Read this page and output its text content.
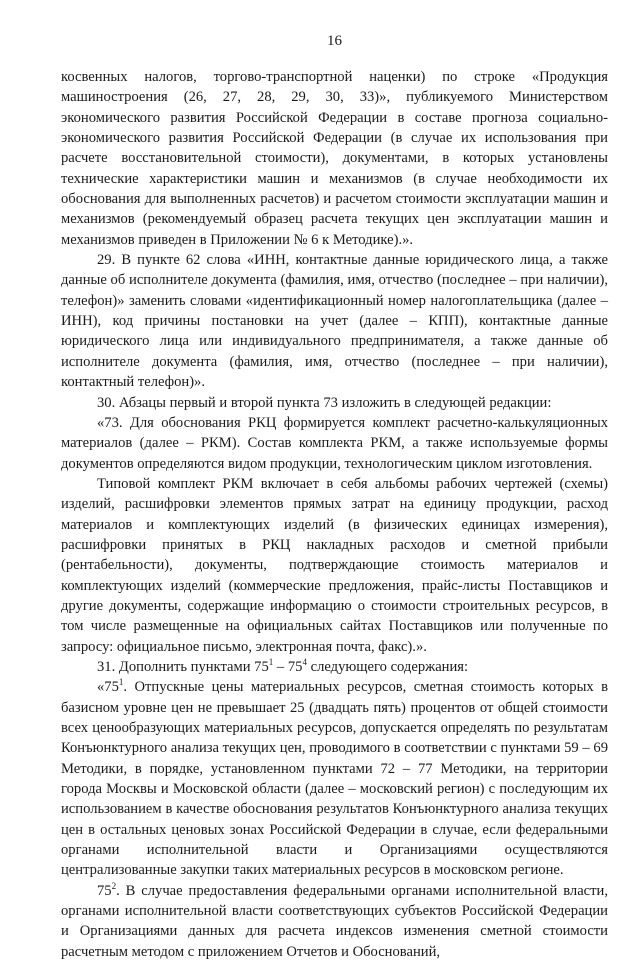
16

косвенных налогов, торгово-транспортной наценки) по строке «Продукция машиностроения (26, 27, 28, 29, 30, 33)», публикуемого Министерством экономического развития Российской Федерации в составе прогноза социально-экономического развития Российской Федерации (в случае их использования при расчете восстановительной стоимости), документами, в которых установлены технические характеристики машин и механизмов (в случае необходимости их обоснования для выполненных расчетов) и расчетом стоимости эксплуатации машин и механизмов (рекомендуемый образец расчета текущих цен эксплуатации машин и механизмов приведен в Приложении № 6 к Методике).».

29. В пункте 62 слова «ИНН, контактные данные юридического лица, а также данные об исполнителе документа (фамилия, имя, отчество (последнее – при наличии), телефон)» заменить словами «идентификационный номер налогоплательщика (далее – ИНН), код причины постановки на учет (далее – КПП), контактные данные юридического лица или индивидуального предпринимателя, а также данные об исполнителе документа (фамилия, имя, отчество (последнее – при наличии), контактный телефон)».

30. Абзацы первый и второй пункта 73 изложить в следующей редакции:

«73. Для обоснования РКЦ формируется комплект расчетно-калькуляционных материалов (далее – РКМ). Состав комплекта РКМ, а также используемые формы документов определяются видом продукции, технологическим циклом изготовления.

Типовой комплект РКМ включает в себя альбомы рабочих чертежей (схемы) изделий, расшифровки элементов прямых затрат на единицу продукции, расход материалов и комплектующих изделий (в физических единицах измерения), расшифровки принятых в РКЦ накладных расходов и сметной прибыли (рентабельности), документы, подтверждающие стоимость материалов и комплектующих изделий (коммерческие предложения, прайс-листы Поставщиков и другие документы, содержащие информацию о стоимости строительных ресурсов, в том числе размещенные на официальных сайтах Поставщиков или полученные по запросу: официальное письмо, электронная почта, факс).».

31. Дополнить пунктами $75^1 - 75^4$ следующего содержания:

«$75^1$. Отпускные цены материальных ресурсов, сметная стоимость которых в базисном уровне цен не превышает 25 (двадцать пять) процентов от общей стоимости всех ценообразующих материальных ресурсов, допускается определять по результатам Конъюнктурного анализа текущих цен, проводимого в соответствии с пунктами 59 – 69 Методики, в порядке, установленном пунктами 72 – 77 Методики, на территории города Москвы и Московской области (далее – московский регион) с последующим их использованием в качестве обоснования результатов Конъюнктурного анализа текущих цен в остальных ценовых зонах Российской Федерации в случае, если федеральными органами исполнительной власти и Организациями осуществляются централизованные закупки таких материальных ресурсов в московском регионе.

$75^2$. В случае предоставления федеральными органами исполнительной власти, органами исполнительной власти соответствующих субъектов Российской Федерации и Организациями данных для расчета индексов изменения сметной стоимости расчетным методом с приложением Отчетов и Обоснований,
